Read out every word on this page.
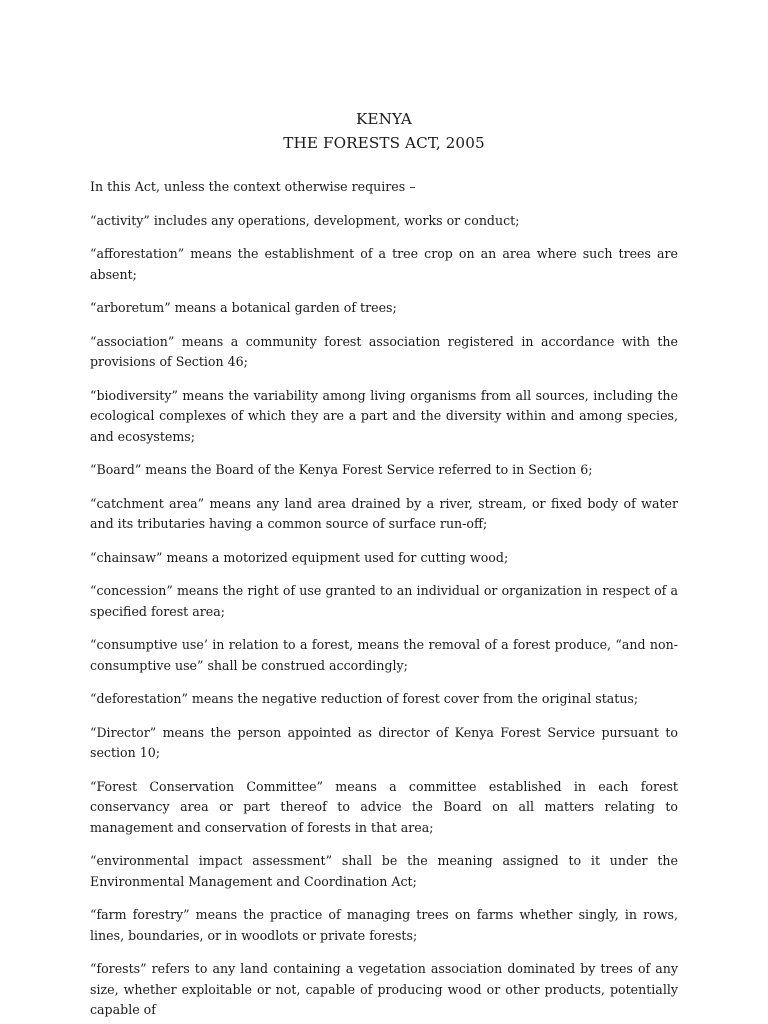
KENYA
THE FORESTS ACT, 2005

In this Act, unless the context otherwise requires –

“activity” includes any operations, development, works or conduct;

“afforestation” means the establishment of a tree crop on an area where such trees are absent;

“arboretum” means a botanical garden of trees;

“association” means a community forest association registered in accordance with the provisions of Section 46;

“biodiversity” means the variability among living organisms from all sources, including the ecological complexes of which they are a part and the diversity within and among species, and ecosystems;

“Board” means the Board of the Kenya Forest Service referred to in Section 6;

“catchment area” means any land area drained by a river, stream, or fixed body of water and its tributaries having a common source of surface run-off;

“chainsaw” means a motorized equipment used for cutting wood;

“concession” means the right of use granted to an individual or organization in respect of a specified forest area;

“consumptive use’ in relation to a forest, means the removal of a forest produce, “and non-consumptive use” shall be construed accordingly;

“deforestation” means the negative reduction of forest cover from the original status;

“Director” means the person appointed as director of Kenya Forest Service pursuant to section 10;

“Forest Conservation Committee” means a committee established in each forest conservancy area or part thereof to advice the Board on all matters relating to management and conservation of forests in that area;

“environmental impact assessment” shall be the meaning assigned to it under the Environmental Management and Coordination Act;

“farm forestry” means the practice of managing trees on farms whether singly, in rows, lines, boundaries, or in woodlots or private forests;

“forests” refers to any land containing a vegetation association dominated by trees of any size, whether exploitable or not, capable of producing wood or other products, potentially capable of
